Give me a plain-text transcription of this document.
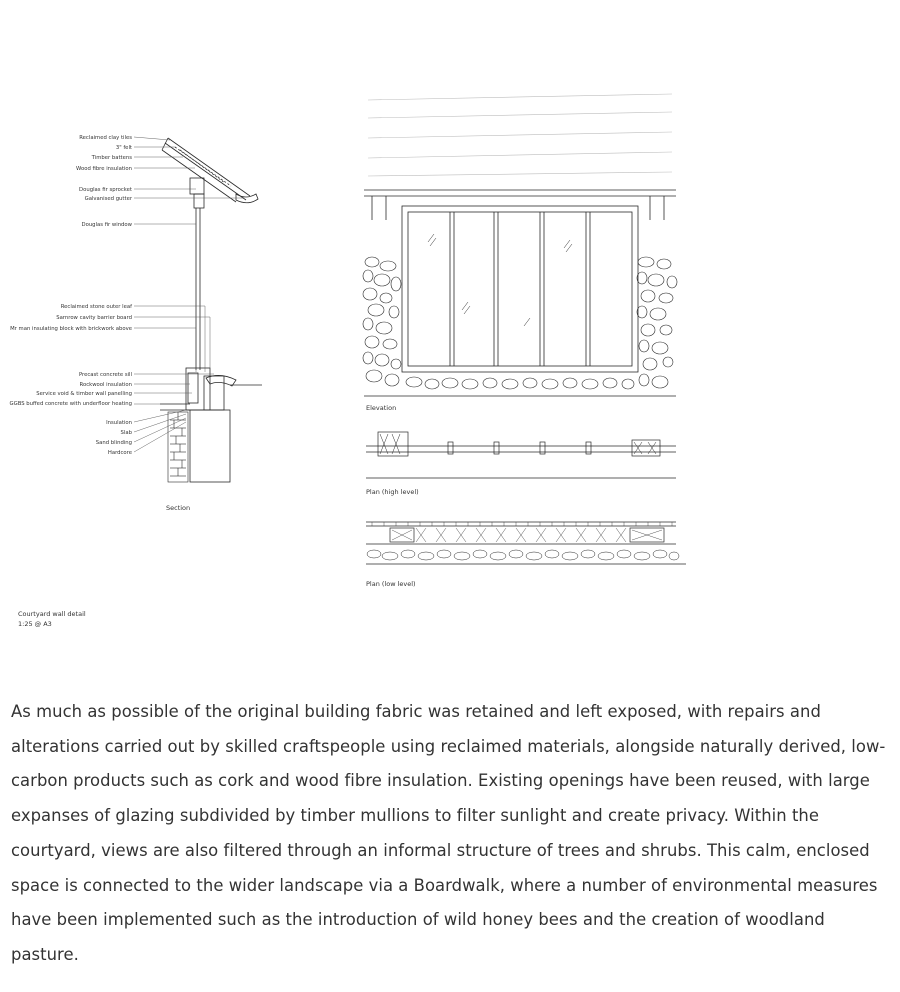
Reclaimed clay tiles
3" felt
Timber battens
Wood fibre insulation
Douglas fir sprocket
Galvanised gutter
Douglas fir window
Reclaimed stone outer leaf
Sarnrow cavity barrier board
Mr man insulating block with brickwork above
Precast concrete sill
Rockwool insulation
Service void & timber wall panelling
GGBS buffed concrete with underfloor heating
Insulation
Slab
Sand blinding
Hardcore
Section
Elevation
Plan (high level)
Plan (low level)
Courtyard wall detail
1:25 @ A3

As much as possible of the original building fabric was retained and left exposed, with repairs and alterations carried out by skilled craftspeople using reclaimed materials, alongside naturally derived, low-carbon products such as cork and wood fibre insulation. Existing openings have been reused, with large expanses of glazing subdivided by timber mullions to filter sunlight and create privacy. Within the courtyard, views are also filtered through an informal structure of trees and shrubs. This calm, enclosed space is connected to the wider landscape via a Boardwalk, where a number of environmental measures have been implemented such as the introduction of wild honey bees and the creation of woodland pasture.
